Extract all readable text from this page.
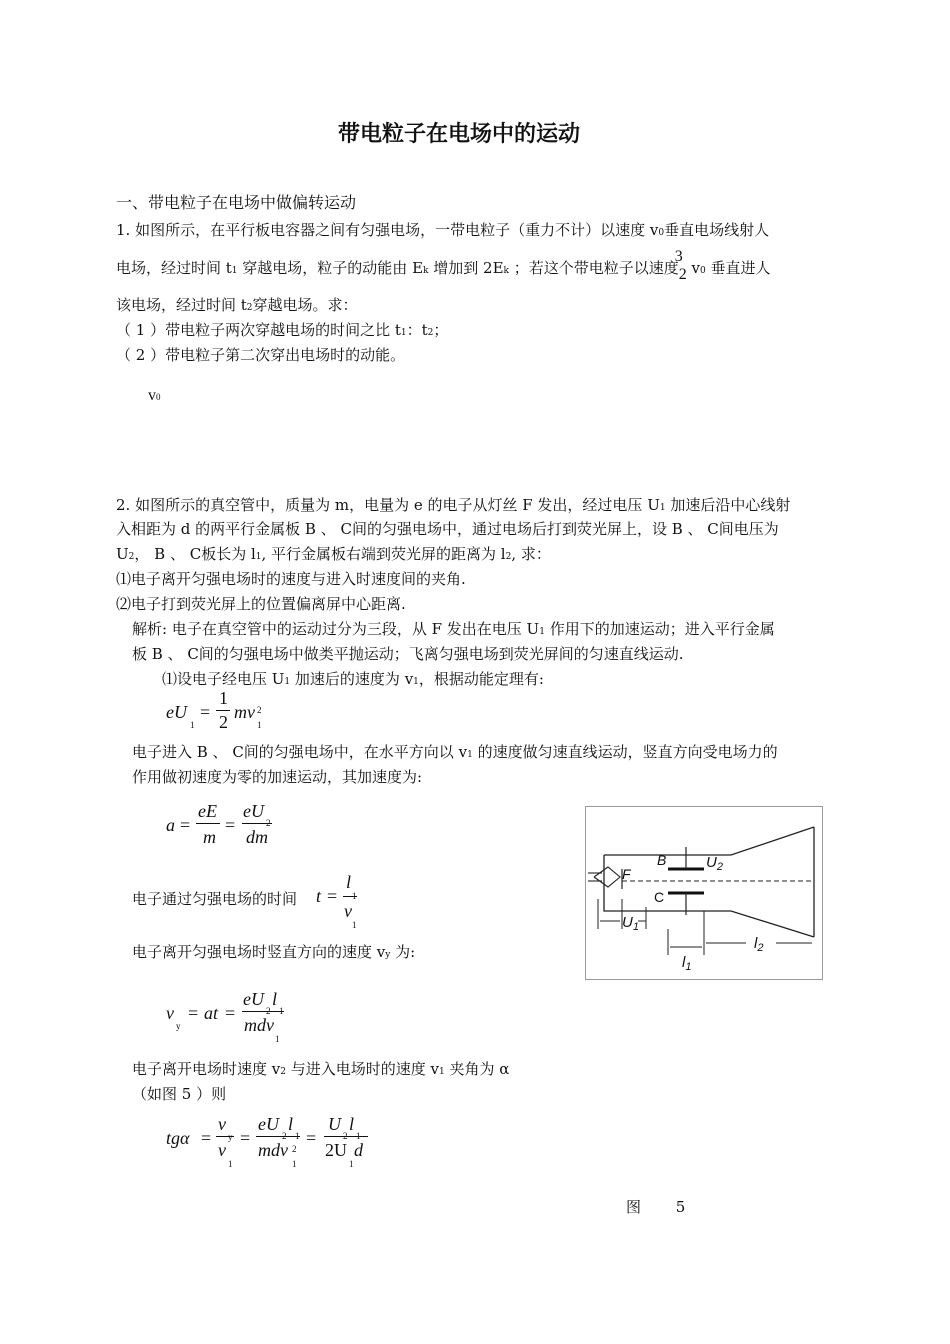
带电粒子在电场中的运动
一、带电粒子在电场中做偏转运动
1. 如图所示，在平行板电容器之间有匀强电场，一带电粒子（重力不计）以速度 v0垂直电场线射人
电场，经过时间 t1 穿越电场，粒子的动能由 Ek 增加到 2Ek ；若这个带电粒子以速度32 v0 垂直进人
该电场，经过时间 t2穿越电场。求：
（ 1 ）带电粒子两次穿越电场的时间之比 t1：t2；
（ 2 ）带电粒子第二次穿出电场时的动能。
v0
2. 如图所示的真空管中，质量为 m，电量为 e 的电子从灯丝 F 发出，经过电压 U1 加速后沿中心线射
入相距为 d 的两平行金属板 B 、 C间的匀强电场中，通过电场后打到荧光屏上，设 B 、 C间电压为
U2， B 、 C板长为 l1, 平行金属板右端到荧光屏的距离为 l2, 求：
⑴电子离开匀强电场时的速度与进入时速度间的夹角.
⑵电子打到荧光屏上的位置偏离屏中心距离.
解析: 电子在真空管中的运动过分为三段，从 F 发出在电压 U1 作用下的加速运动；进入平行金属
板 B 、 C间的匀强电场中做类平抛运动；飞离匀强电场到荧光屏间的匀速直线运动.
⑴设电子经电压 U1 加速后的速度为 v1，根据动能定理有:
eU
1
=
1
2 mv 2
1
电子进入 B 、 C间的匀强电场中，在水平方向以 v1 的速度做匀速直线运动，竖直方向受电场力的
作用做初速度为零的加速运动，其加速度为:
a =
eE
m
=
eU
2
dm
电子通过匀强电场的时间 t =
l
1
v
1
电子离开匀强电场时竖直方向的速度 vy 为:
v
y
= at =
eU
2
l
1
mdv
1
电子离开电场时速度 v2 与进入电场时的速度 v1 夹角为 α
（如图 5 ）则
tgα =
v
y
v
1
=
eU
2
l
1
mdv 2
1
=
U
2
l
1
2U
1
d
B	$U_2$
F
C
$U_1$
$l_1$
$l_2$
图 5
